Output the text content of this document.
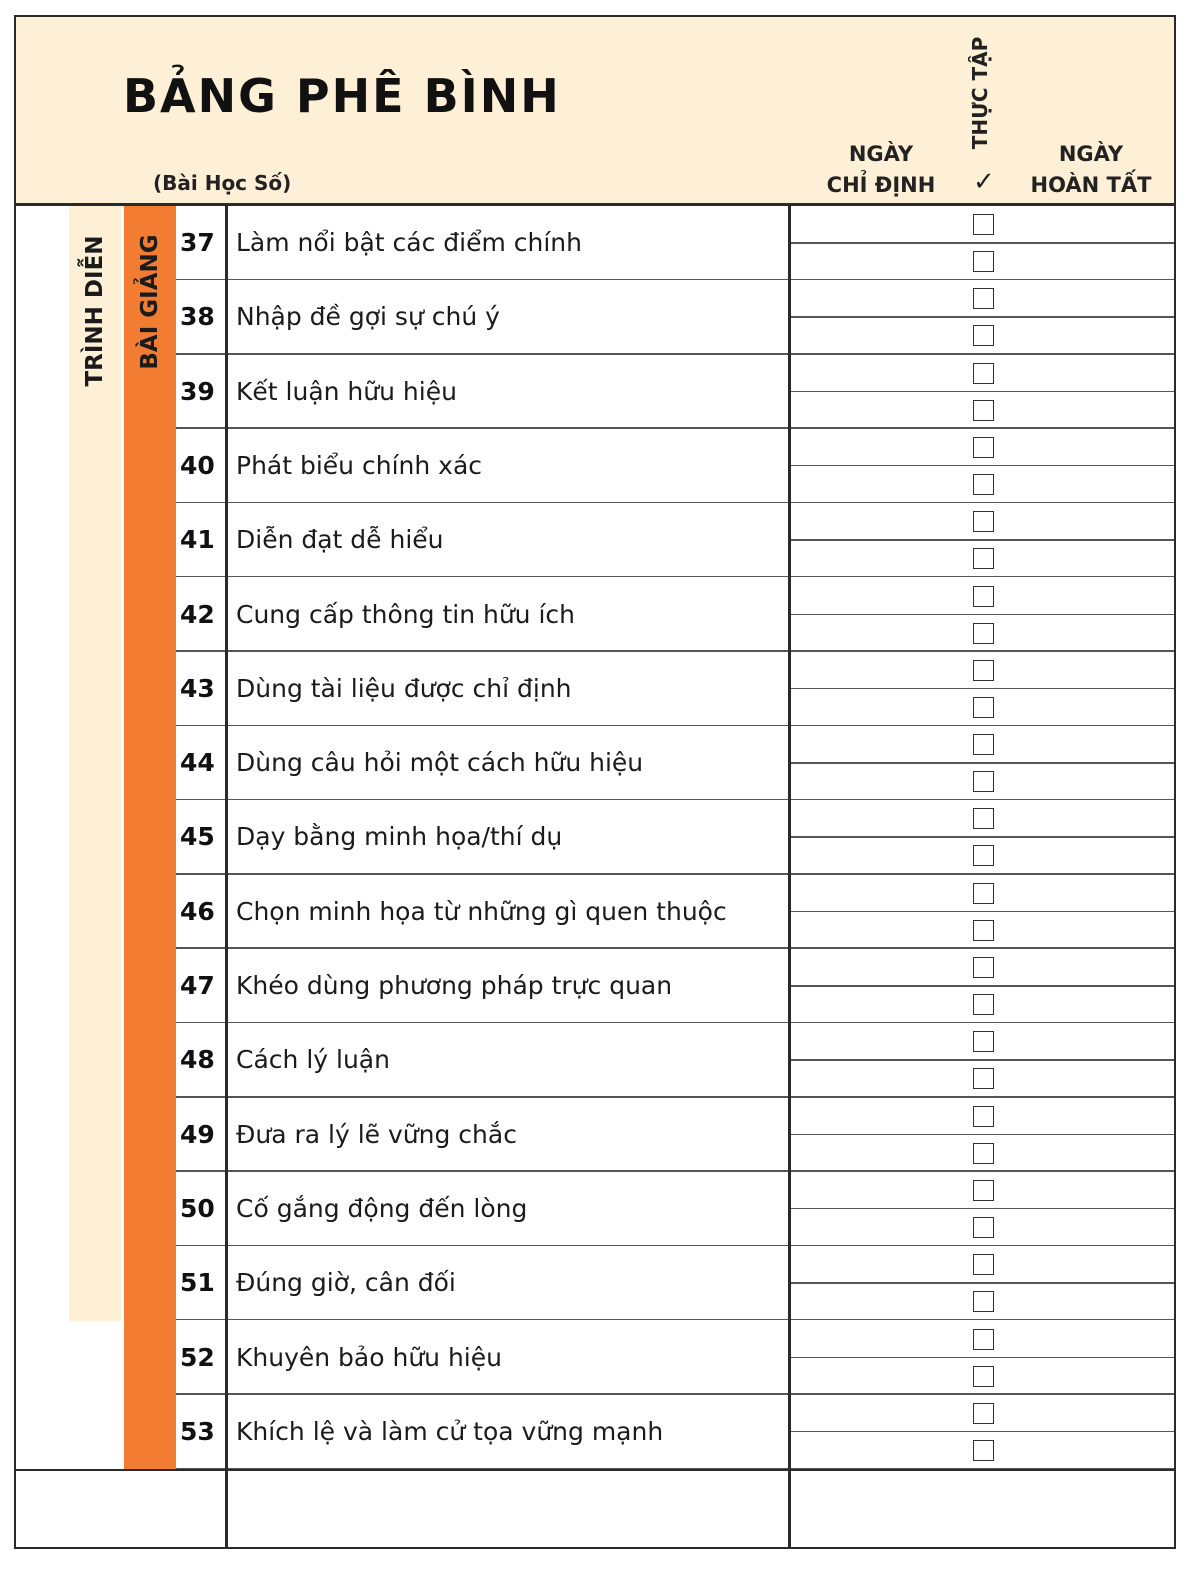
BẢNG PHÊ BÌNH
(Bài Học Số)
NGÀY
CHỈ ĐỊNH
THỰC TẬP
✓
NGÀY
HOÀN TẤT
TRÌNH DIỄN BÀI GIẢNG 37 Làm nổi bật các điểm chính
38 Nhập đề gợi sự chú ý
39 Kết luận hữu hiệu
40 Phát biểu chính xác
41 Diễn đạt dễ hiểu
42 Cung cấp thông tin hữu ích
43 Dùng tài liệu được chỉ định
44 Dùng câu hỏi một cách hữu hiệu
45 Dạy bằng minh họa/thí dụ
46 Chọn minh họa từ những gì quen thuộc
47 Khéo dùng phương pháp trực quan
48 Cách lý luận
49 Đưa ra lý lẽ vững chắc
50 Cố gắng động đến lòng
51 Đúng giờ, cân đối
52 Khuyên bảo hữu hiệu
53 Khích lệ và làm cử tọa vững mạnh
